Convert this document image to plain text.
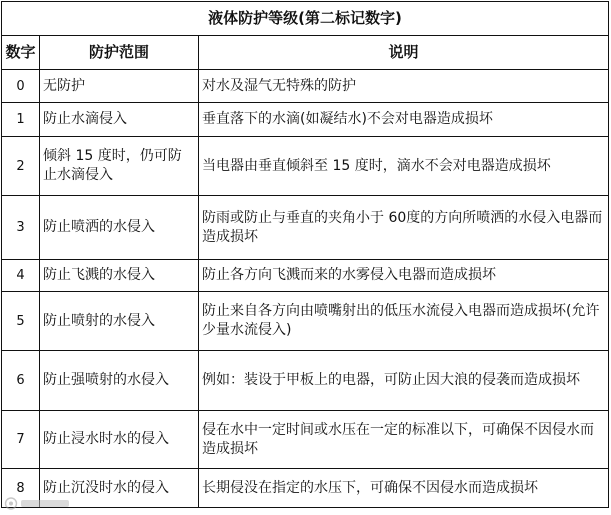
液体防护等级(第二标记数字)		
数字	防护范围	说明
0	无防护	对水及湿气无特殊的防护
1	防止水滴侵入	垂直落下的水滴(如凝结水)不会对电器造成损坏
2	倾斜 15 度时，仍可防止水滴侵入	当电器由垂直倾斜至 15 度时，滴水不会对电器造成损坏
3	防止喷洒的水侵入	防雨或防止与垂直的夹角小于 60度的方向所喷洒的水侵入电器而造成损坏
4	防止飞溅的水侵入	防止各方向飞溅而来的水雾侵入电器而造成损坏
5	防止喷射的水侵入	防止来自各方向由喷嘴射出的低压水流侵入电器而造成损坏(允许少量水流侵入)
6	防止强喷射的水侵入	例如：装设于甲板上的电器，可防止因大浪的侵袭而造成损坏
7	防止浸水时水的侵入	侵在水中一定时间或水压在一定的标准以下，可确保不因侵水而造成损坏
8	防止沉没时水的侵入	长期侵没在指定的水压下，可确保不因侵水而造成损坏
